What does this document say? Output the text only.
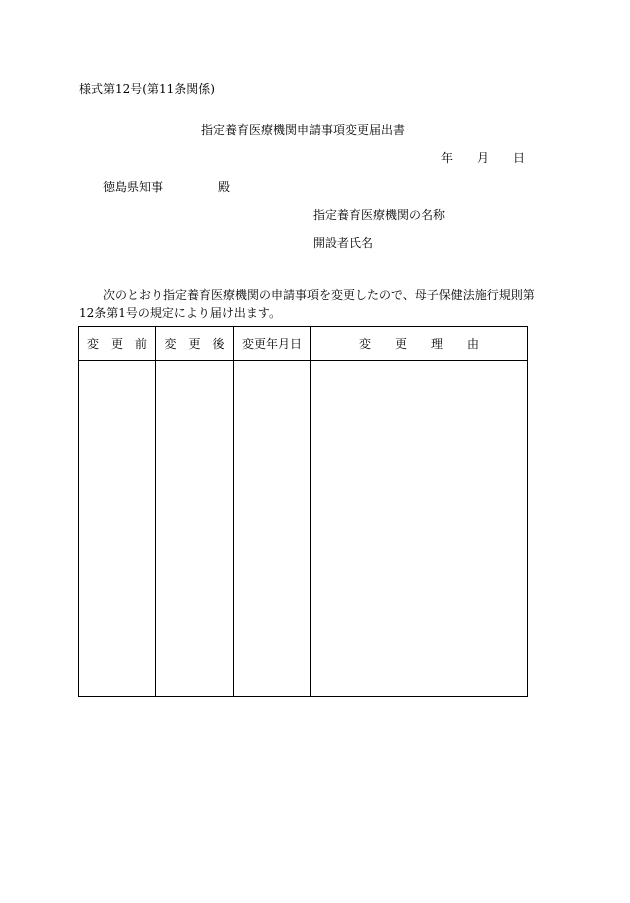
様式第12号(第11条関係)
指定養育医療機関申請事項変更届出書
年 月 日
徳島県知事	殿
指定養育医療機関の名称
開設者氏名
次のとおり指定養育医療機関の申請事項を変更したので、母子保健法施行規則第
12条第1号の規定により届け出ます。
変　更　前	変　更　後	変更年月日	変　　更　　理　　由
